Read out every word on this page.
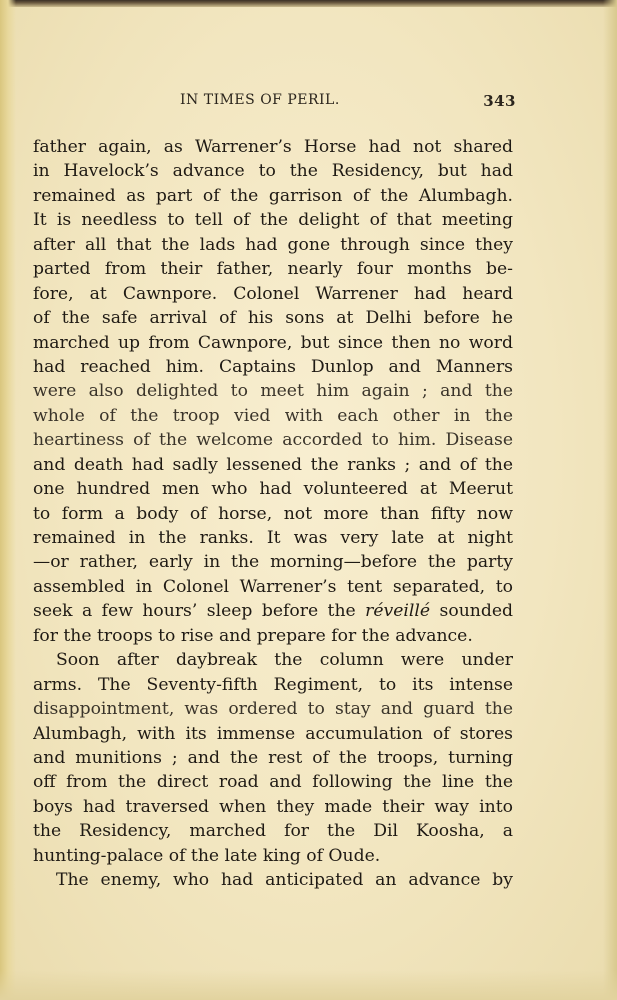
IN TIMES OF PERIL.	343
father again, as Warrener’s Horse had not shared
in Havelock’s advance to the Residency, but had
remained as part of the garrison of the Alumbagh.
It is needless to tell of the delight of that meeting
after all that the lads had gone through since they
parted from their father, nearly four months be-
fore, at Cawnpore. Colonel Warrener had heard
of the safe arrival of his sons at Delhi before he
marched up from Cawnpore, but since then no word
had reached him. Captains Dunlop and Manners
were also delighted to meet him again ; and the
whole of the troop vied with each other in the
heartiness of the welcome accorded to him. Disease
and death had sadly lessened the ranks ; and of the
one hundred men who had volunteered at Meerut
to form a body of horse, not more than fifty now
remained in the ranks. It was very late at night
—or rather, early in the morning—before the party
assembled in Colonel Warrener’s tent separated, to
seek a few hours’ sleep before the réveillé sounded
for the troops to rise and prepare for the advance.
Soon after daybreak the column were under
arms. The Seventy-fifth Regiment, to its intense
disappointment, was ordered to stay and guard the
Alumbagh, with its immense accumulation of stores
and munitions ; and the rest of the troops, turning
off from the direct road and following the line the
boys had traversed when they made their way into
the Residency, marched for the Dil Koosha, a
hunting-palace of the late king of Oude.
The enemy, who had anticipated an advance by
